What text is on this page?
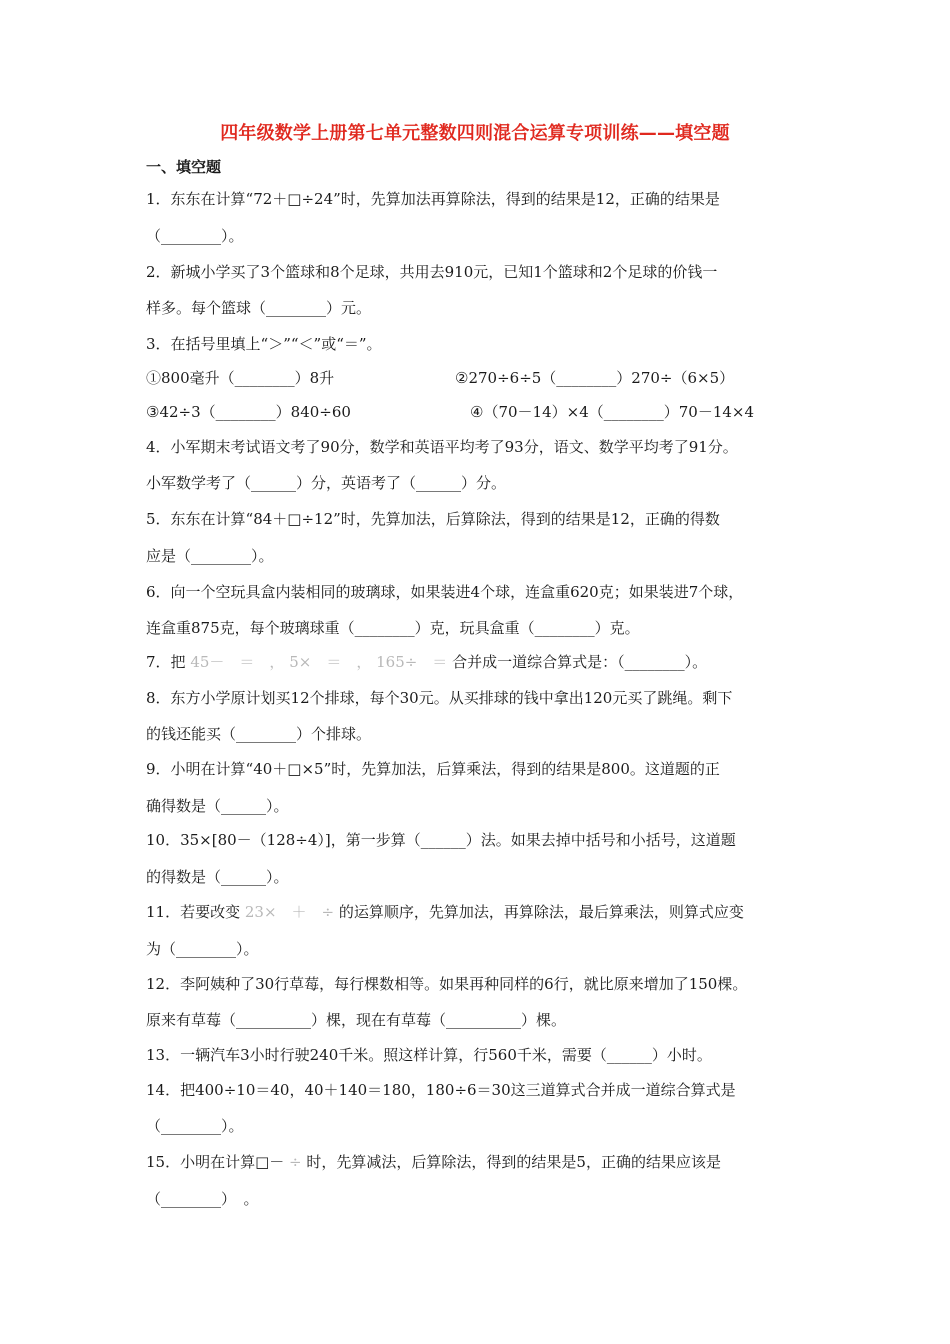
四年级数学上册第七单元整数四则混合运算专项训练——填空题
一、填空题
1．东东在计算“72＋□÷24”时，先算加法再算除法，得到的结果是12，正确的结果是
（________）。
2．新城小学买了3个篮球和8个足球，共用去910元，已知1个篮球和2个足球的价钱一
样多。每个篮球（________）元。
3．在括号里填上“＞”“＜”或“＝”。
①800毫升（________）8升	②270÷6÷5（________）270÷（6×5）
③42÷3（________）840÷60	④（70－14）×4（________）70－14×4
4．小军期末考试语文考了90分，数学和英语平均考了93分，语文、数学平均考了91分。
小军数学考了（______）分，英语考了（______）分。
5．东东在计算“84＋□÷12”时，先算加法，后算除法，得到的结果是12，正确的得数
应是（________）。
6．向一个空玩具盒内装相同的玻璃球，如果装进4个球，连盒重620克；如果装进7个球，
连盒重875克，每个玻璃球重（________）克，玩具盒重（________）克。
7．把 45－　＝　， 5×　＝　， 165÷　＝ 合并成一道综合算式是：（________）。
8．东方小学原计划买12个排球，每个30元。从买排球的钱中拿出120元买了跳绳。剩下
的钱还能买（________）个排球。
9．小明在计算“40＋□×5”时，先算加法，后算乘法，得到的结果是800。这道题的正
确得数是（______）。
10．35×[80－（128÷4）]，第一步算（______）法。如果去掉中括号和小括号，这道题
的得数是（______）。
11．若要改变 23×　＋　÷ 的运算顺序，先算加法，再算除法，最后算乘法，则算式应变
为（________）。
12．李阿姨种了30行草莓，每行棵数相等。如果再种同样的6行，就比原来增加了150棵。
原来有草莓（__________）棵，现在有草莓（__________）棵。
13．一辆汽车3小时行驶240千米。照这样计算，行560千米，需要（______）小时。
14．把400÷10＝40，40＋140＝180，180÷6＝30这三道算式合并成一道综合算式是
（________）。
15．小明在计算□－ ÷ 时，先算减法，后算除法，得到的结果是5，正确的结果应该是
（________）　。
